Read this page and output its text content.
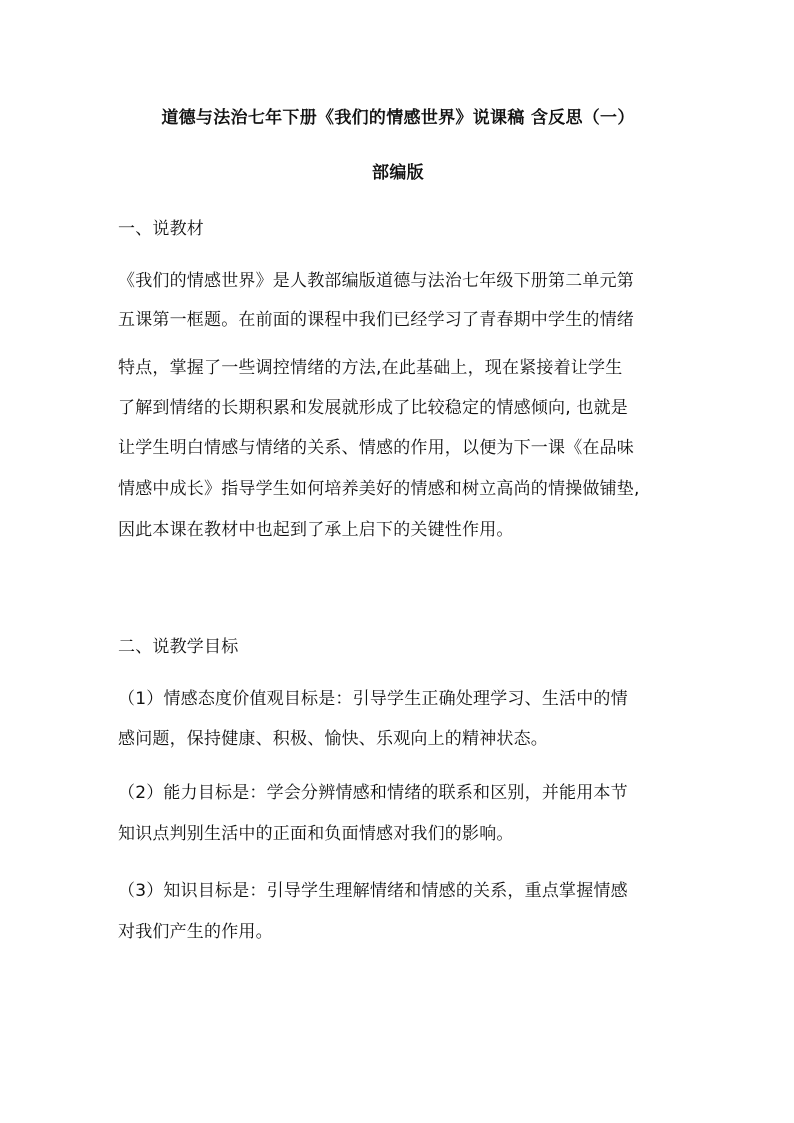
道德与法治七年下册《我们的情感世界》说课稿 含反思（一）
部编版
一、说教材
《我们的情感世界》是人教部编版道德与法治七年级下册第二单元第
五课第一框题。在前面的课程中我们已经学习了青春期中学生的情绪
特点，掌握了一些调控情绪的方法,在此基础上，现在紧接着让学生
了解到情绪的长期积累和发展就形成了比较稳定的情感倾向, 也就是
让学生明白情感与情绪的关系、情感的作用，以便为下一课《在品味
情感中成长》指导学生如何培养美好的情感和树立高尚的情操做铺垫,
因此本课在教材中也起到了承上启下的关键性作用。
二、说教学目标
（1）情感态度价值观目标是：引导学生正确处理学习、生活中的情
感问题，保持健康、积极、愉快、乐观向上的精神状态。
（2）能力目标是：学会分辨情感和情绪的联系和区别，并能用本节
知识点判别生活中的正面和负面情感对我们的影响。
（3）知识目标是：引导学生理解情绪和情感的关系，重点掌握情感
对我们产生的作用。
